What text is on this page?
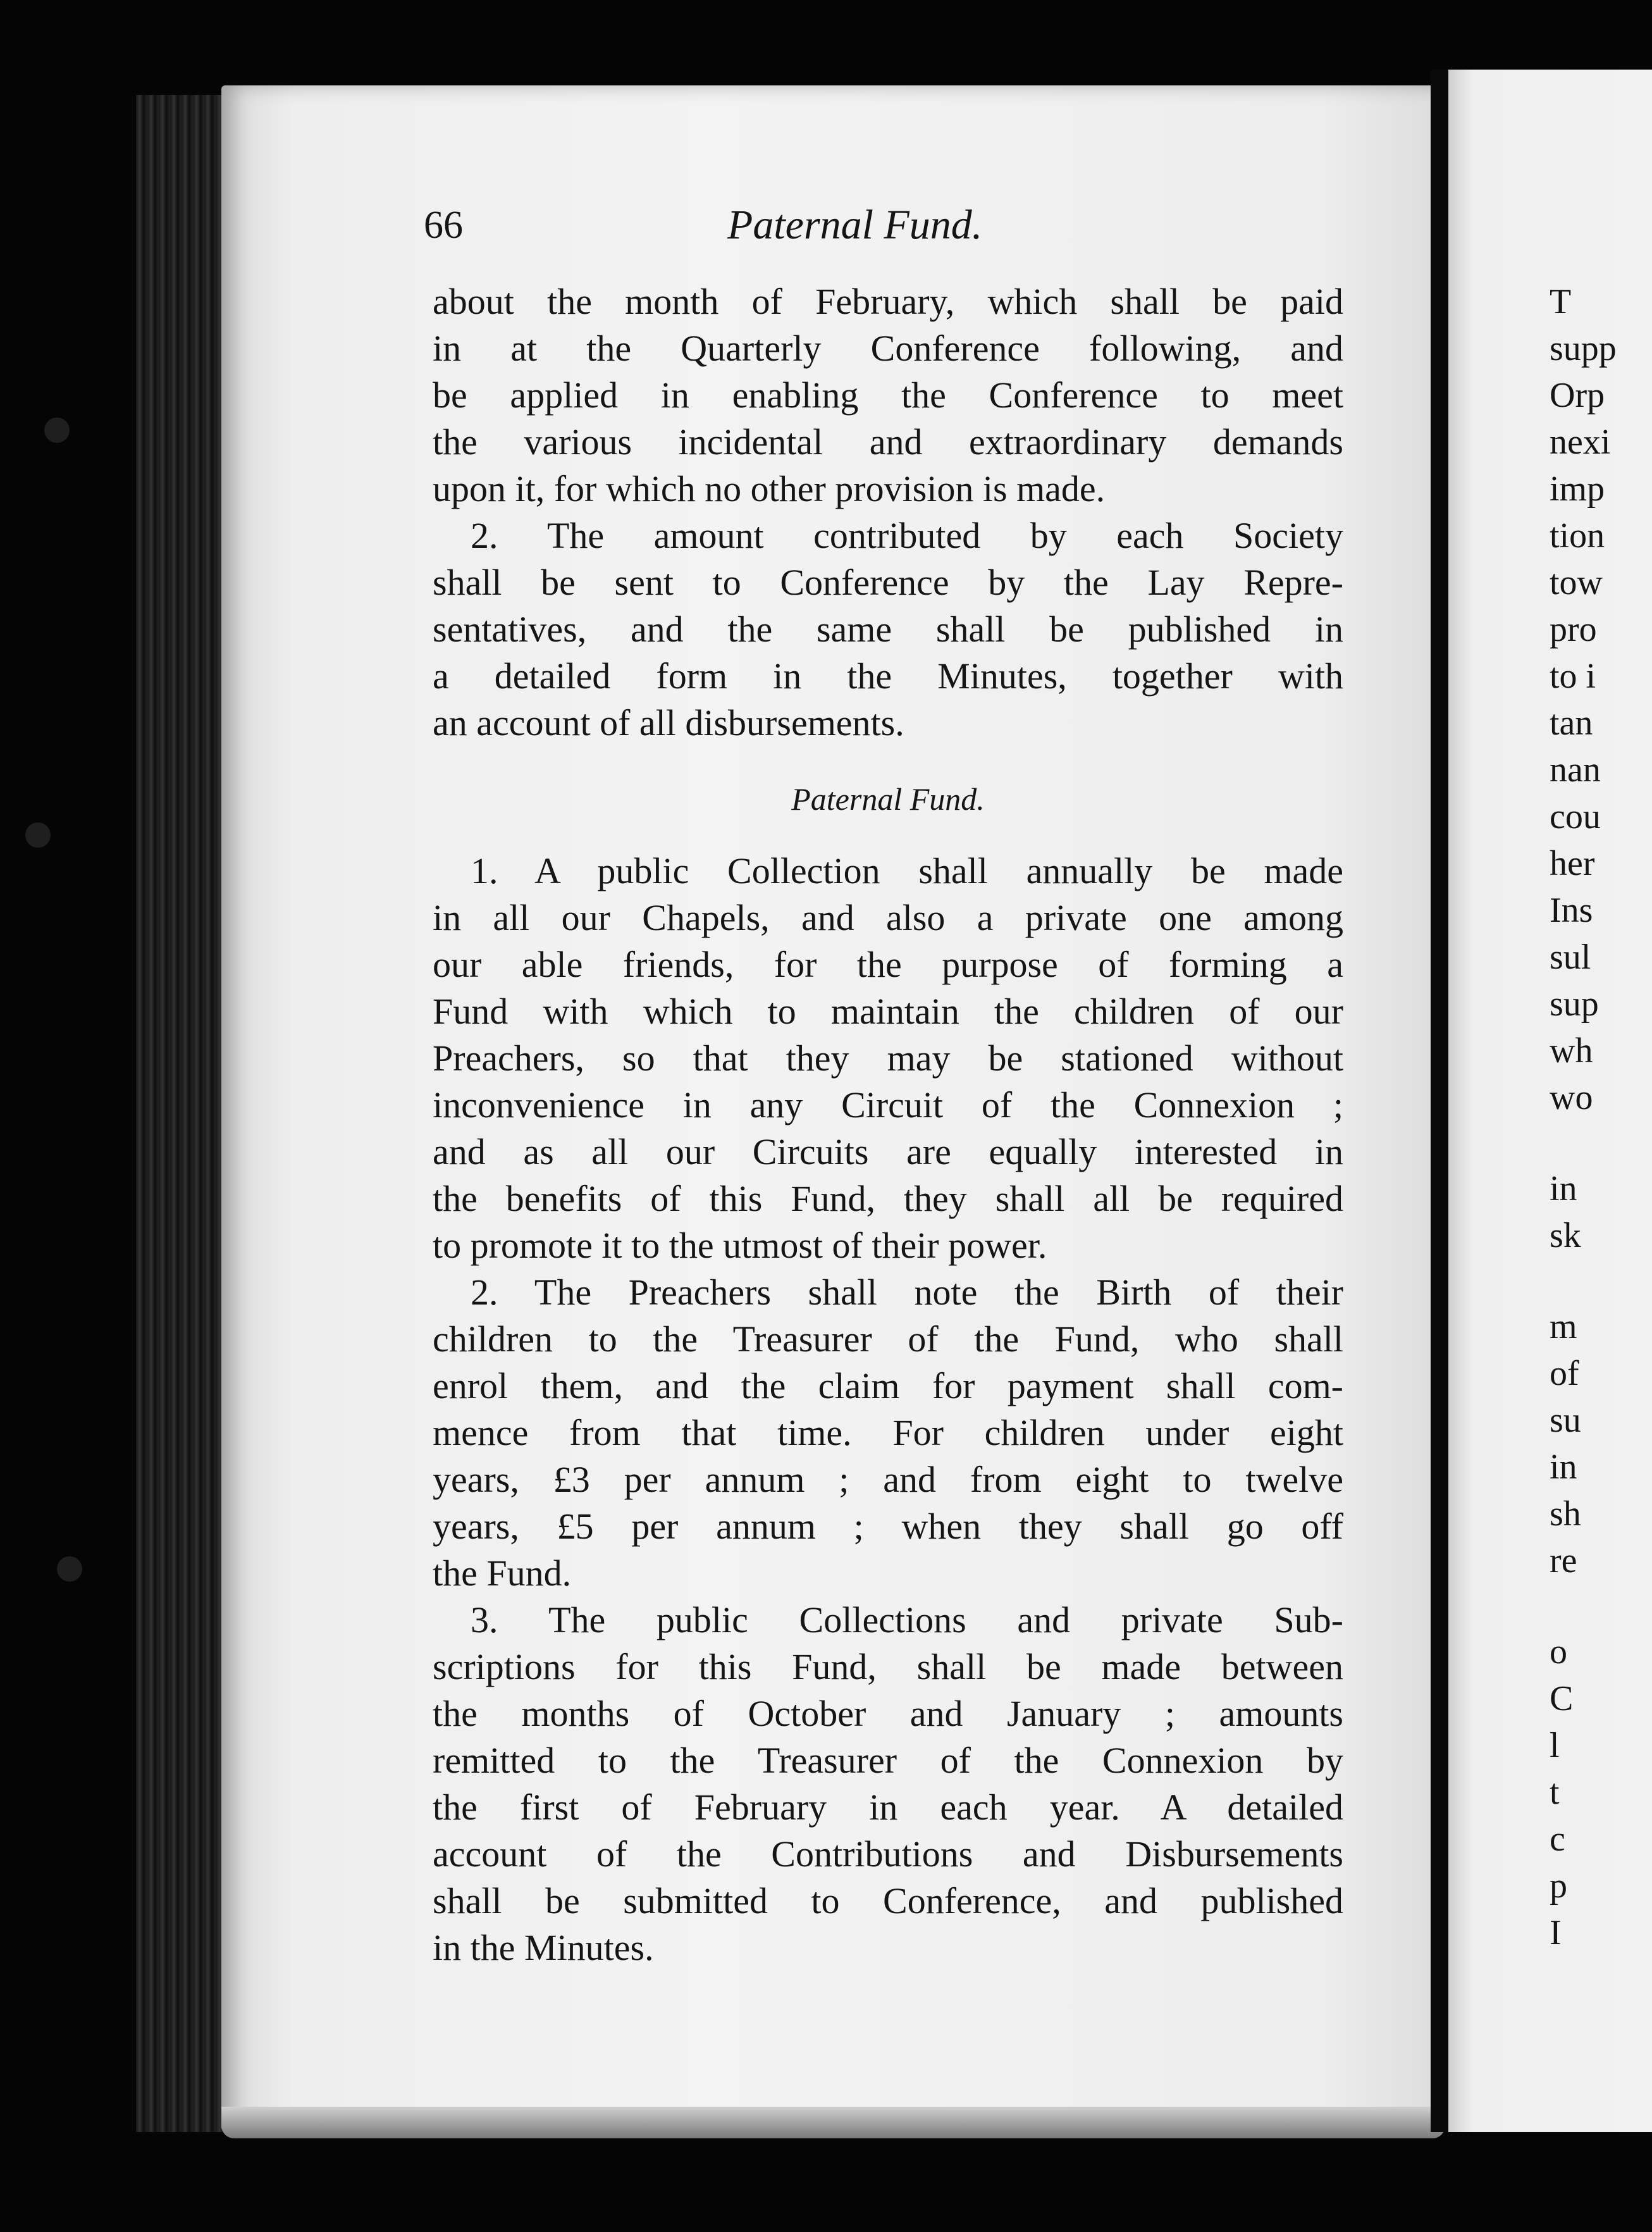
66	Paternal Fund.
about the month of February, which shall be paid
in at the Quarterly Conference following, and
be applied in enabling the Conference to meet
the various incidental and extraordinary demands
upon it, for which no other provision is made.
2. The amount contributed by each Society
shall be sent to Conference by the Lay Repre-
sentatives, and the same shall be published in
a detailed form in the Minutes, together with
an account of all disbursements.
Paternal Fund.
1. A public Collection shall annually be made
in all our Chapels, and also a private one among
our able friends, for the purpose of forming a
Fund with which to maintain the children of our
Preachers, so that they may be stationed without
inconvenience in any Circuit of the Connexion ;
and as all our Circuits are equally interested in
the benefits of this Fund, they shall all be required
to promote it to the utmost of their power.
2. The Preachers shall note the Birth of their
children to the Treasurer of the Fund, who shall
enrol them, and the claim for payment shall com-
mence from that time. For children under eight
years, £3 per annum ; and from eight to twelve
years, £5 per annum ; when they shall go off
the Fund.
3. The public Collections and private Sub-
scriptions for this Fund, shall be made between
the months of October and January ; amounts
remitted to the Treasurer of the Connexion by
the first of February in each year. A detailed
account of the Contributions and Disbursements
shall be submitted to Conference, and published
in the Minutes.
T
supp
Orp
nexi
imp
tion
tow
pro
to i
tan
nan
cou
her
Ins
sul
sup
wh
wo
in
sk
m
of
su
in
sh
re
o
C
l
t
c
p
I
